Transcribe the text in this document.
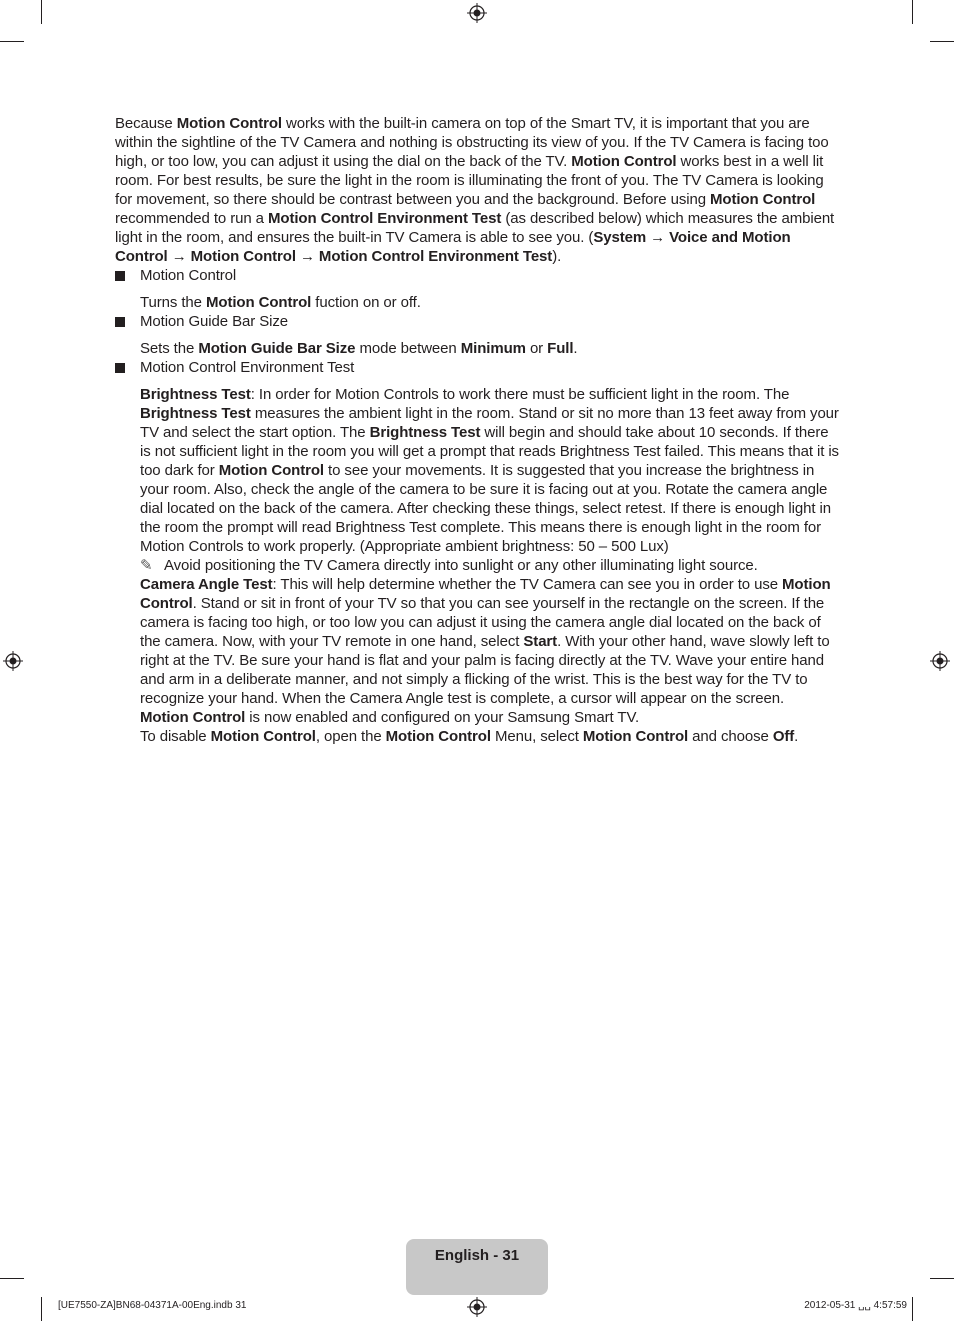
Because Motion Control works with the built-in camera on top of the Smart TV, it is important that you are within the sightline of the TV Camera and nothing is obstructing its view of you. If the TV Camera is facing too high, or too low, you can adjust it using the dial on the back of the TV. Motion Control works best in a well lit room. For best results, be sure the light in the room is illuminating the front of you. The TV Camera is looking for movement, so there should be contrast between you and the background. Before using Motion Control recommended to run a Motion Control Environment Test (as described below) which measures the ambient light in the room, and ensures the built-in TV Camera is able to see you. (System → Voice and Motion Control → Motion Control → Motion Control Environment Test).

Motion Control

Turns the Motion Control fuction on or off.

Motion Guide Bar Size

Sets the Motion Guide Bar Size mode between Minimum or Full.

Motion Control Environment Test

Brightness Test: In order for Motion Controls to work there must be sufficient light in the room. The Brightness Test measures the ambient light in the room. Stand or sit no more than 13 feet away from your TV and select the start option. The Brightness Test will begin and should take about 10 seconds. If there is not sufficient light in the room you will get a prompt that reads Brightness Test failed. This means that it is too dark for Motion Control to see your movements. It is suggested that you increase the brightness in your room. Also, check the angle of the camera to be sure it is facing out at you. Rotate the camera angle dial located on the back of the camera. After checking these things, select retest. If there is enough light in the room the prompt will read Brightness Test complete. This means there is enough light in the room for Motion Controls to work properly. (Appropriate ambient brightness: 50 – 500 Lux)

✎ Avoid positioning the TV Camera directly into sunlight or any other illuminating light source.

Camera Angle Test: This will help determine whether the TV Camera can see you in order to use Motion Control. Stand or sit in front of your TV so that you can see yourself in the rectangle on the screen. If the camera is facing too high, or too low you can adjust it using the camera angle dial located on the back of the camera. Now, with your TV remote in one hand, select Start. With your other hand, wave slowly left to right at the TV. Be sure your hand is flat and your palm is facing directly at the TV. Wave your entire hand and arm in a deliberate manner, and not simply a flicking of the wrist. This is the best way for the TV to recognize your hand. When the Camera Angle test is complete, a cursor will appear on the screen.

Motion Control is now enabled and configured on your Samsung Smart TV.

To disable Motion Control, open the Motion Control Menu, select Motion Control and choose Off.

English - 31
[UE7550-ZA]BN68-04371A-00Eng.indb 31	2012-05-31 ␣␣ 4:57:59
